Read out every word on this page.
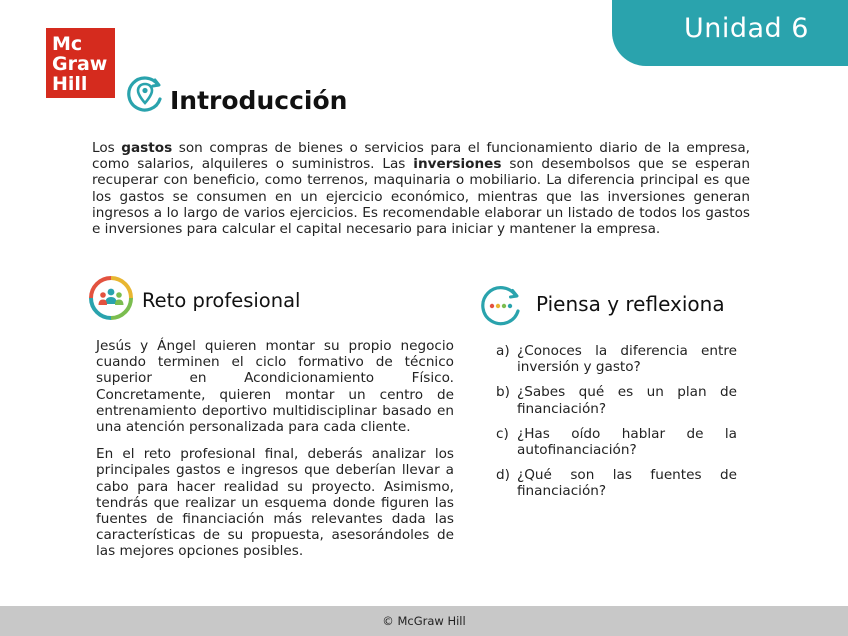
Unidad 6
Mc
Graw
Hill
Introducción
Los gastos son compras de bienes o servicios para el funcionamiento diario de la empresa, como salarios, alquileres o suministros. Las inversiones son desembolsos que se esperan recuperar con beneficio, como terrenos, maquinaria o mobiliario. La diferencia principal es que los gastos se consumen en un ejercicio económico, mientras que las inversiones generan ingresos a lo largo de varios ejercicios. Es recomendable elaborar un listado de todos los gastos e inversiones para calcular el capital necesario para iniciar y mantener la empresa.
Reto profesional

Jesús y Ángel quieren montar su propio negocio cuando terminen el ciclo formativo de técnico superior en Acondicionamiento Físico. Concretamente, quieren montar un centro de entrenamiento deportivo multidisciplinar basado en una atención personalizada para cada cliente.

En el reto profesional final, deberás analizar los principales gastos e ingresos que deberían llevar a cabo para hacer realidad su proyecto. Asimismo, tendrás que realizar un esquema donde figuren las fuentes de financiación más relevantes dada las características de su propuesta, asesorándoles de las mejores opciones posibles.

Piensa y reflexiona
a) ¿Conoces la diferencia entre inversión y gasto?
b) ¿Sabes qué es un plan de financiación?
c) ¿Has oído hablar de la autofinanciación?
d) ¿Qué son las fuentes de financiación?
© McGraw Hill
